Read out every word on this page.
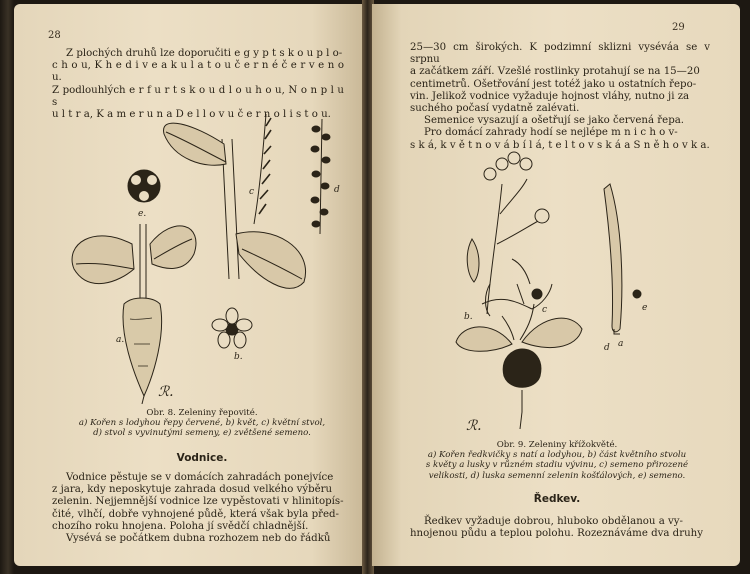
28

Z plochých druhů lze doporučiti e g y p t s k o u p l o-

c h o u, K h e d i v e a k u l a t o u č e r n é č e r v e n o u.

Z podlouhlých e r f u r t s k o u d l o u h o u, N o n p l u s

u l t r a, K a m e r u n a D e l l o v u č e r n o l i s t o u.

e.
c	d
a.
b.
ℛ.
Obr. 8. Zeleniny řepovité.
a) Kořen s lodyhou řepy červené, b) květ, c) květní stvol,
d) stvol s vyvinutými semeny, e) zvětšené semeno.
Vodnice.

Vodnice pěstuje se v domácích zahradách ponejvíce

z jara, kdy neposkytuje zahrada dosud velkého výběru

zelenin. Nejjemnější vodnice lze vypěstovati v hlinitopís-

čité, vlhčí, dobře vyhnojené půdě, která však byla před-

chozího roku hnojena. Poloha jí svědčí chladnější.

Vysévá se počátkem dubna rozhozem neb do řádků

29

25—30 cm širokých. K podzimní sklizni vyséváa se v srpnu

a začátkem září. Vzešlé rostlinky protahují se na 15—20

centimetrů. Ošetřování jest totéž jako u ostatních řepo-

vin. Jelikož vodnice vyžaduje hojnost vláhy, nutno ji za

suchého počasí vydatně zalévati.

Semenice vysazují a ošetřují se jako červená řepa.

Pro domácí zahrady hodí se nejlépe m n i c h o v-

s k á, k v ě t n o v á b í l á, t e l t o v s k á a S n ě h o v k a.

b.
c	e
d a
ℛ.
Obr. 9. Zeleniny křížokvěté.
a) Kořen ředkvičky s natí a lodyhou, b) část květního stvolu
s květy a lusky v různém stadiu vývinu, c) semeno přirozené
velikosti, d) luska semenní zelenin košťálových, e) semeno.
Ředkev.

Ředkev vyžaduje dobrou, hluboko obdělanou a vy-

hnojenou půdu a teplou polohu. Rozeznáváme dva druhy
